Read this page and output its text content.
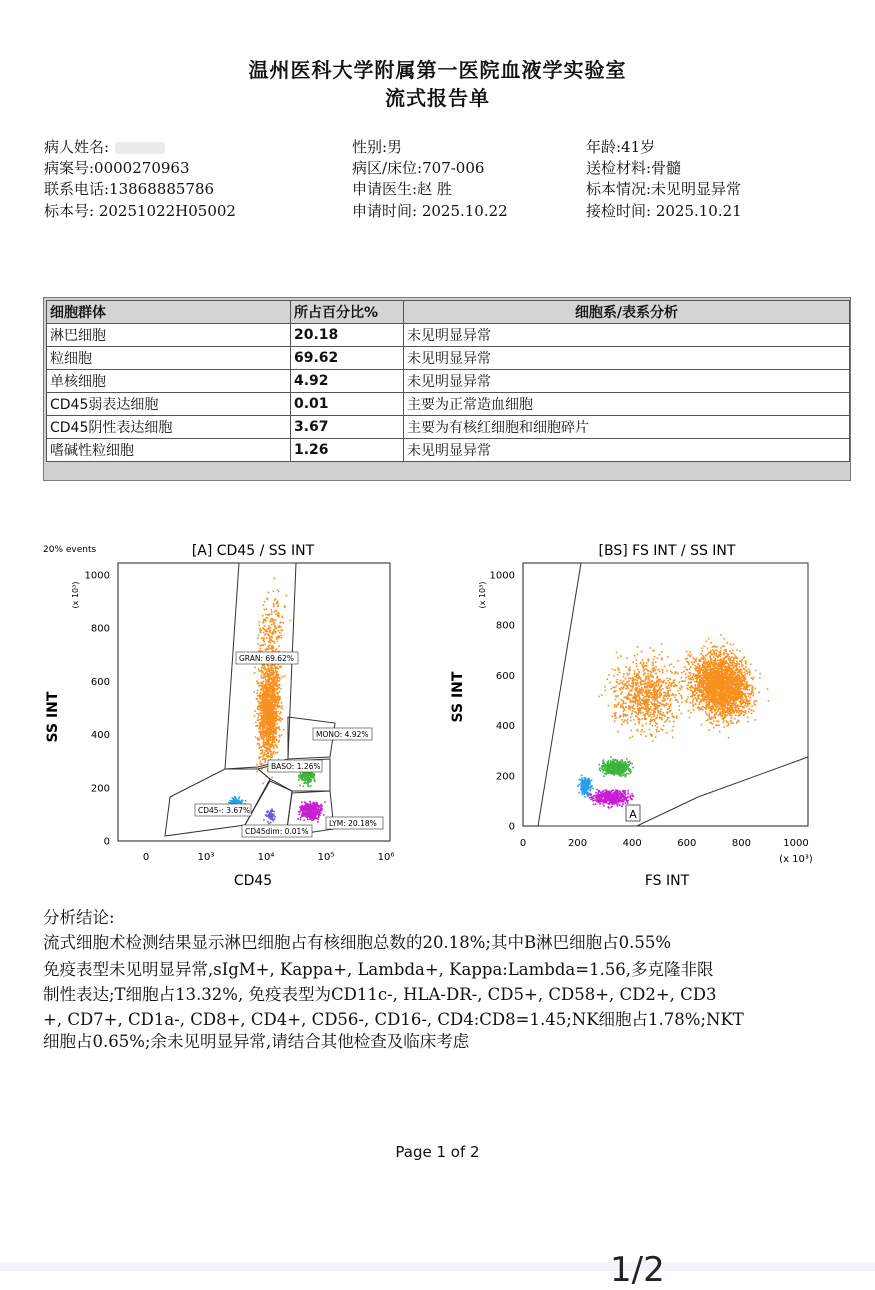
温州医科大学附属第一医院血液学实验室
流式报告单
病人姓名:
病案号:0000270963
联系电话:13868885786
标本号: 20251022H05002
性别:男
病区/床位:707-006
申请医生:赵 胜
申请时间: 2025.10.22
年龄:41岁
送检材料:骨髓
标本情况:未见明显异常
接检时间: 2025.10.21
细胞群体	所占百分比%	细胞系/表系分析
淋巴细胞	20.18	未见明显异常
粒细胞	69.62	未见明显异常
单核细胞	4.92	未见明显异常
CD45弱表达细胞	0.01	主要为正常造血细胞
CD45阴性表达细胞	3.67	主要为有核红细胞和细胞碎片
嗜碱性粒细胞	1.26	未见明显异常
20% events	[A] CD45 / SS INT
SS INT
(x 10³)
CD45
0
200
400
600
800
1000
0	10³	10⁴	10⁵	10⁶
GRAN: 69.62%
MONO: 4.92%
BASO: 1.26%
CD45-: 3.67%
CD45dim: 0.01%
LYM: 20.18%
[BS] FS INT / SS INT
SS INT
(x 10³)
FS INT
(x 10³)
0
200
400
600
800
1000
0	200	400	600	800	1000
A
分析结论:
流式细胞术检测结果显示淋巴细胞占有核细胞总数的20.18%;其中B淋巴细胞占0.55%
免疫表型未见明显异常,sIgM+, Kappa+, Lambda+, Kappa:Lambda=1.56,多克隆非限
制性表达;T细胞占13.32%, 免疫表型为CD11c-, HLA-DR-, CD5+, CD58+, CD2+, CD3
+, CD7+, CD1a-, CD8+, CD4+, CD56-, CD16-, CD4:CD8=1.45;NK细胞占1.78%;NKT
细胞占0.65%;余未见明显异常,请结合其他检查及临床考虑
Page 1 of 2
1/2
